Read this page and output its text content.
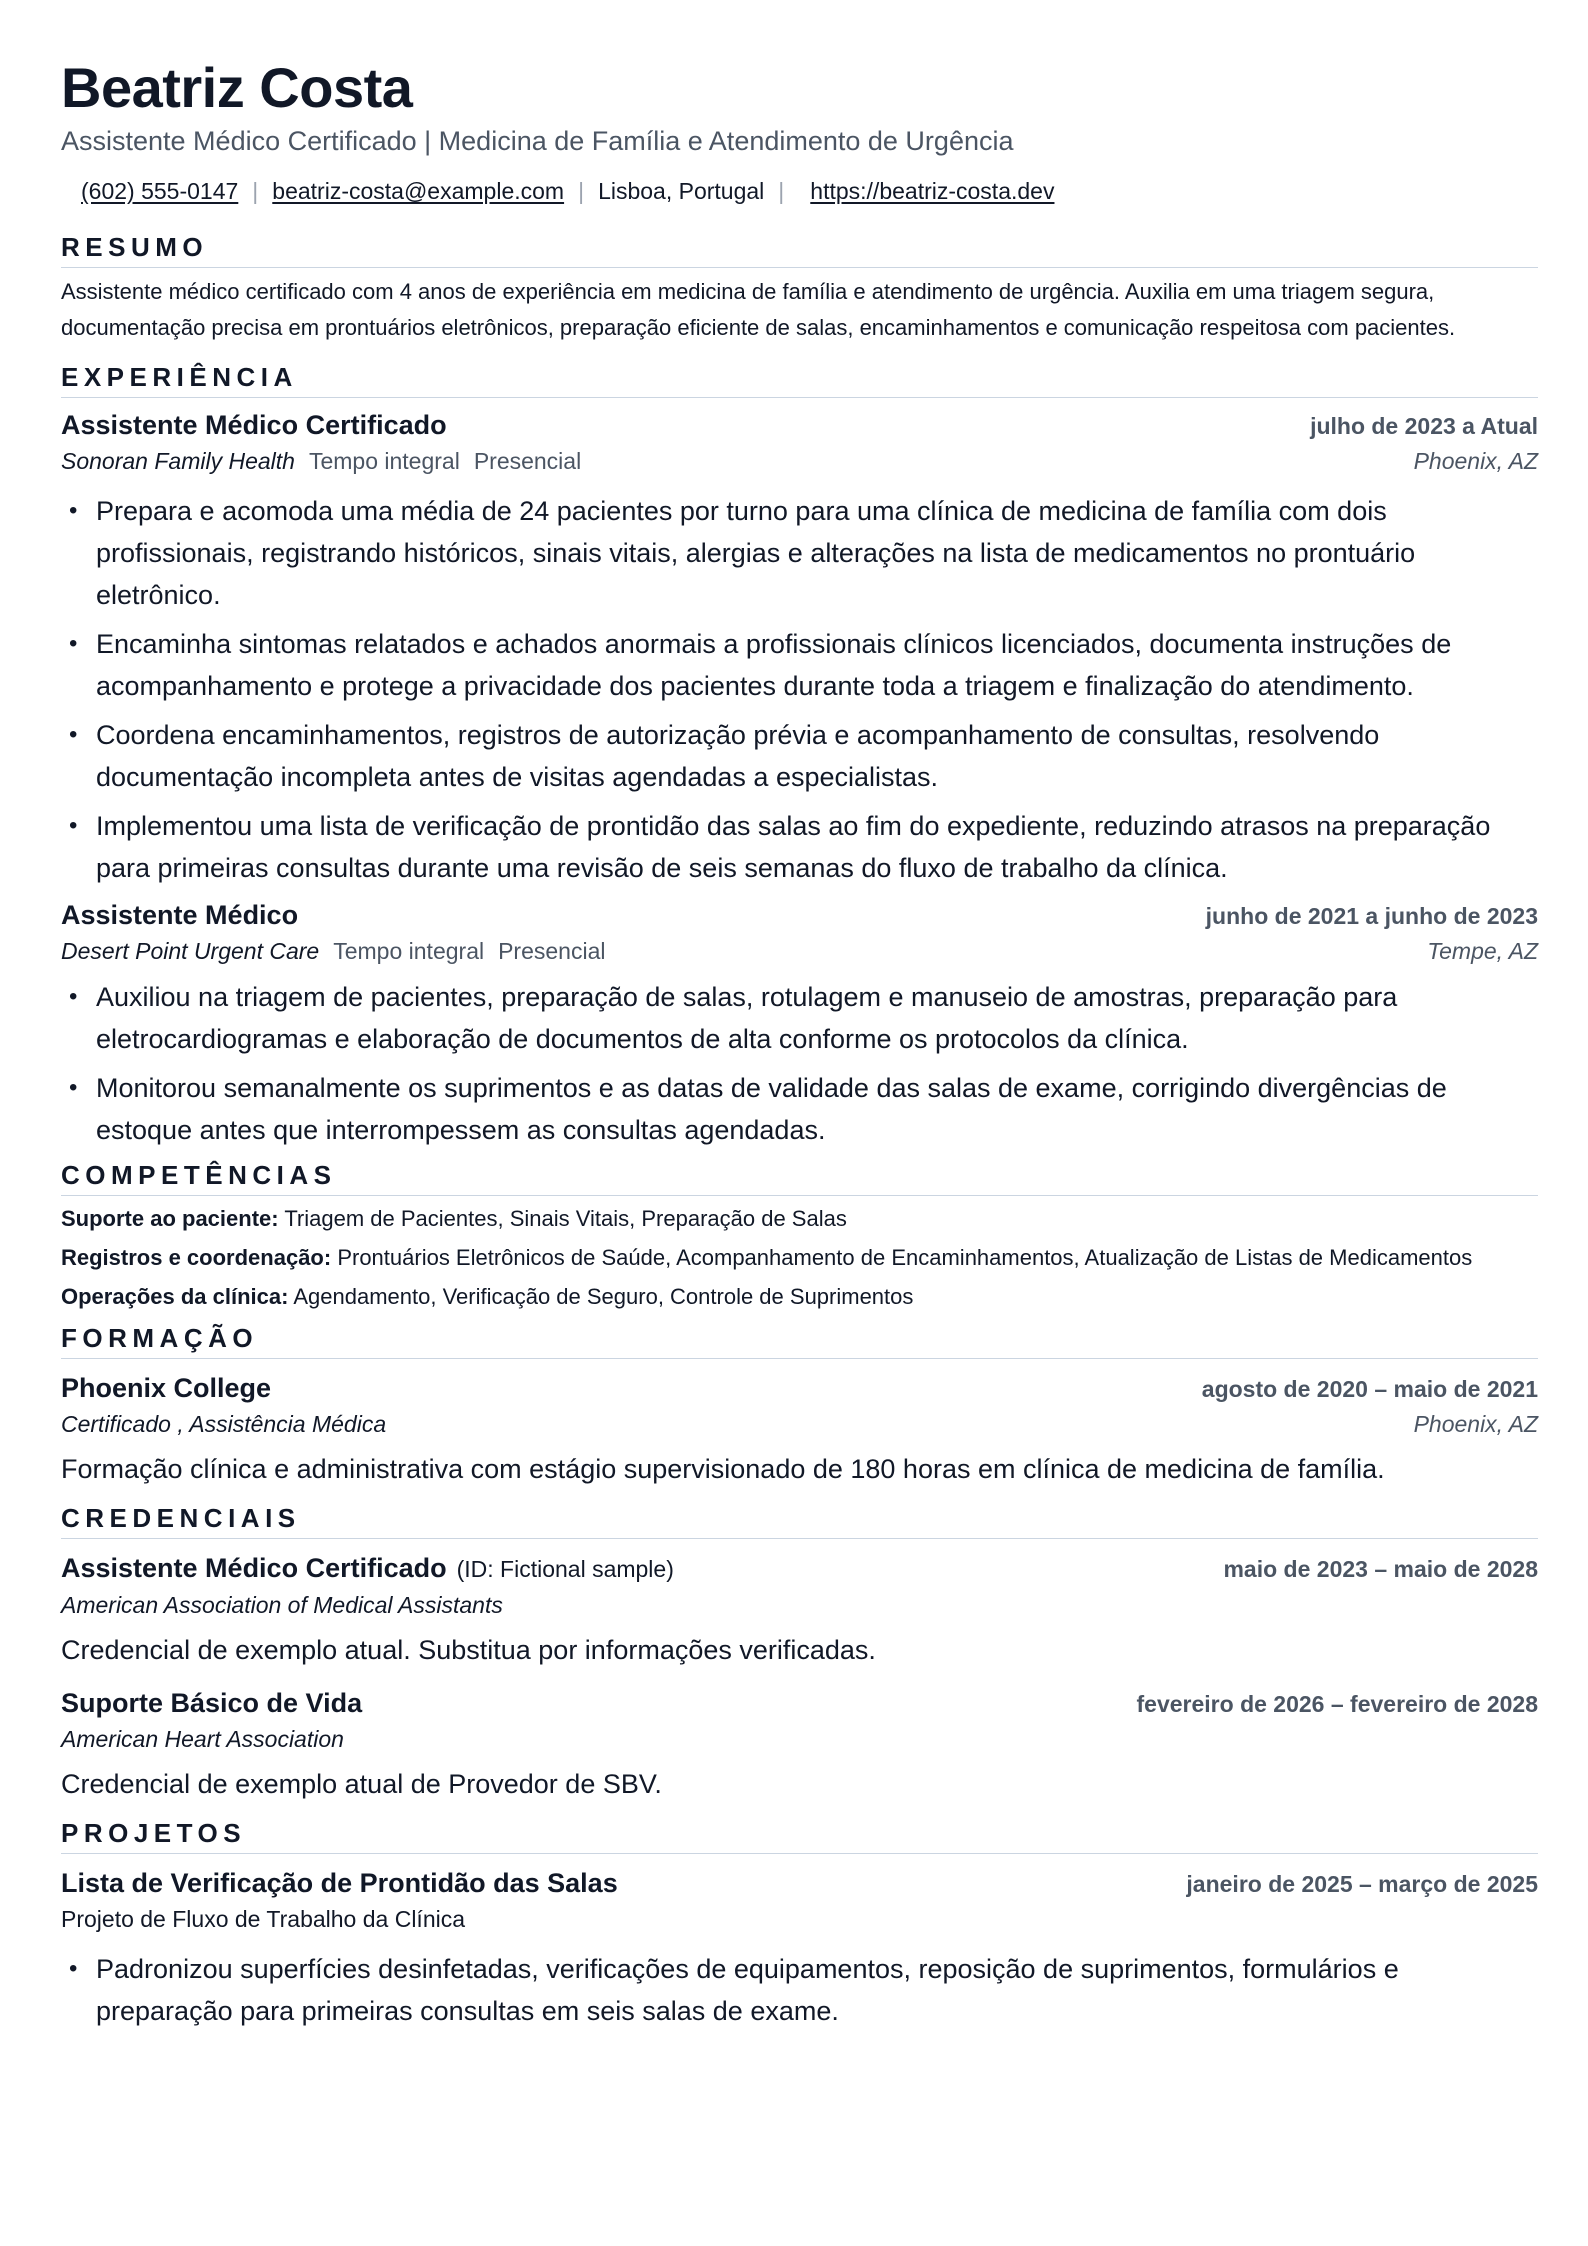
Beatriz Costa
Assistente Médico Certificado | Medicina de Família e Atendimento de Urgência
(602) 555-0147 | beatriz-costa@example.com | Lisboa, Portugal | https://beatriz-costa.dev
RESUMO
Assistente médico certificado com 4 anos de experiência em medicina de família e atendimento de urgência. Auxilia em uma triagem segura, documentação precisa em prontuários eletrônicos, preparação eficiente de salas, encaminhamentos e comunicação respeitosa com pacientes.
EXPERIÊNCIA
Assistente Médico Certificado	julho de 2023 a Atual
Sonoran Family Health Tempo integral Presencial	Phoenix, AZ
• Prepara e acomoda uma média de 24 pacientes por turno para uma clínica de medicina de família com dois profissionais, registrando históricos, sinais vitais, alergias e alterações na lista de medicamentos no prontuário eletrônico.
• Encaminha sintomas relatados e achados anormais a profissionais clínicos licenciados, documenta instruções de acompanhamento e protege a privacidade dos pacientes durante toda a triagem e finalização do atendimento.
• Coordena encaminhamentos, registros de autorização prévia e acompanhamento de consultas, resolvendo documentação incompleta antes de visitas agendadas a especialistas.
• Implementou uma lista de verificação de prontidão das salas ao fim do expediente, reduzindo atrasos na preparação para primeiras consultas durante uma revisão de seis semanas do fluxo de trabalho da clínica.
Assistente Médico	junho de 2021 a junho de 2023
Desert Point Urgent Care Tempo integral Presencial	Tempe, AZ
• Auxiliou na triagem de pacientes, preparação de salas, rotulagem e manuseio de amostras, preparação para eletrocardiogramas e elaboração de documentos de alta conforme os protocolos da clínica.
• Monitorou semanalmente os suprimentos e as datas de validade das salas de exame, corrigindo divergências de estoque antes que interrompessem as consultas agendadas.
COMPETÊNCIAS
Suporte ao paciente: Triagem de Pacientes, Sinais Vitais, Preparação de Salas
Registros e coordenação: Prontuários Eletrônicos de Saúde, Acompanhamento de Encaminhamentos, Atualização de Listas de Medicamentos
Operações da clínica: Agendamento, Verificação de Seguro, Controle de Suprimentos
FORMAÇÃO
Phoenix College	agosto de 2020 – maio de 2021
Certificado , Assistência Médica	Phoenix, AZ
Formação clínica e administrativa com estágio supervisionado de 180 horas em clínica de medicina de família.
CREDENCIAIS
Assistente Médico Certificado (ID: Fictional sample)	maio de 2023 – maio de 2028
American Association of Medical Assistants
Credencial de exemplo atual. Substitua por informações verificadas.
Suporte Básico de Vida	fevereiro de 2026 – fevereiro de 2028
American Heart Association
Credencial de exemplo atual de Provedor de SBV.
PROJETOS
Lista de Verificação de Prontidão das Salas	janeiro de 2025 – março de 2025
Projeto de Fluxo de Trabalho da Clínica
• Padronizou superfícies desinfetadas, verificações de equipamentos, reposição de suprimentos, formulários e preparação para primeiras consultas em seis salas de exame.
